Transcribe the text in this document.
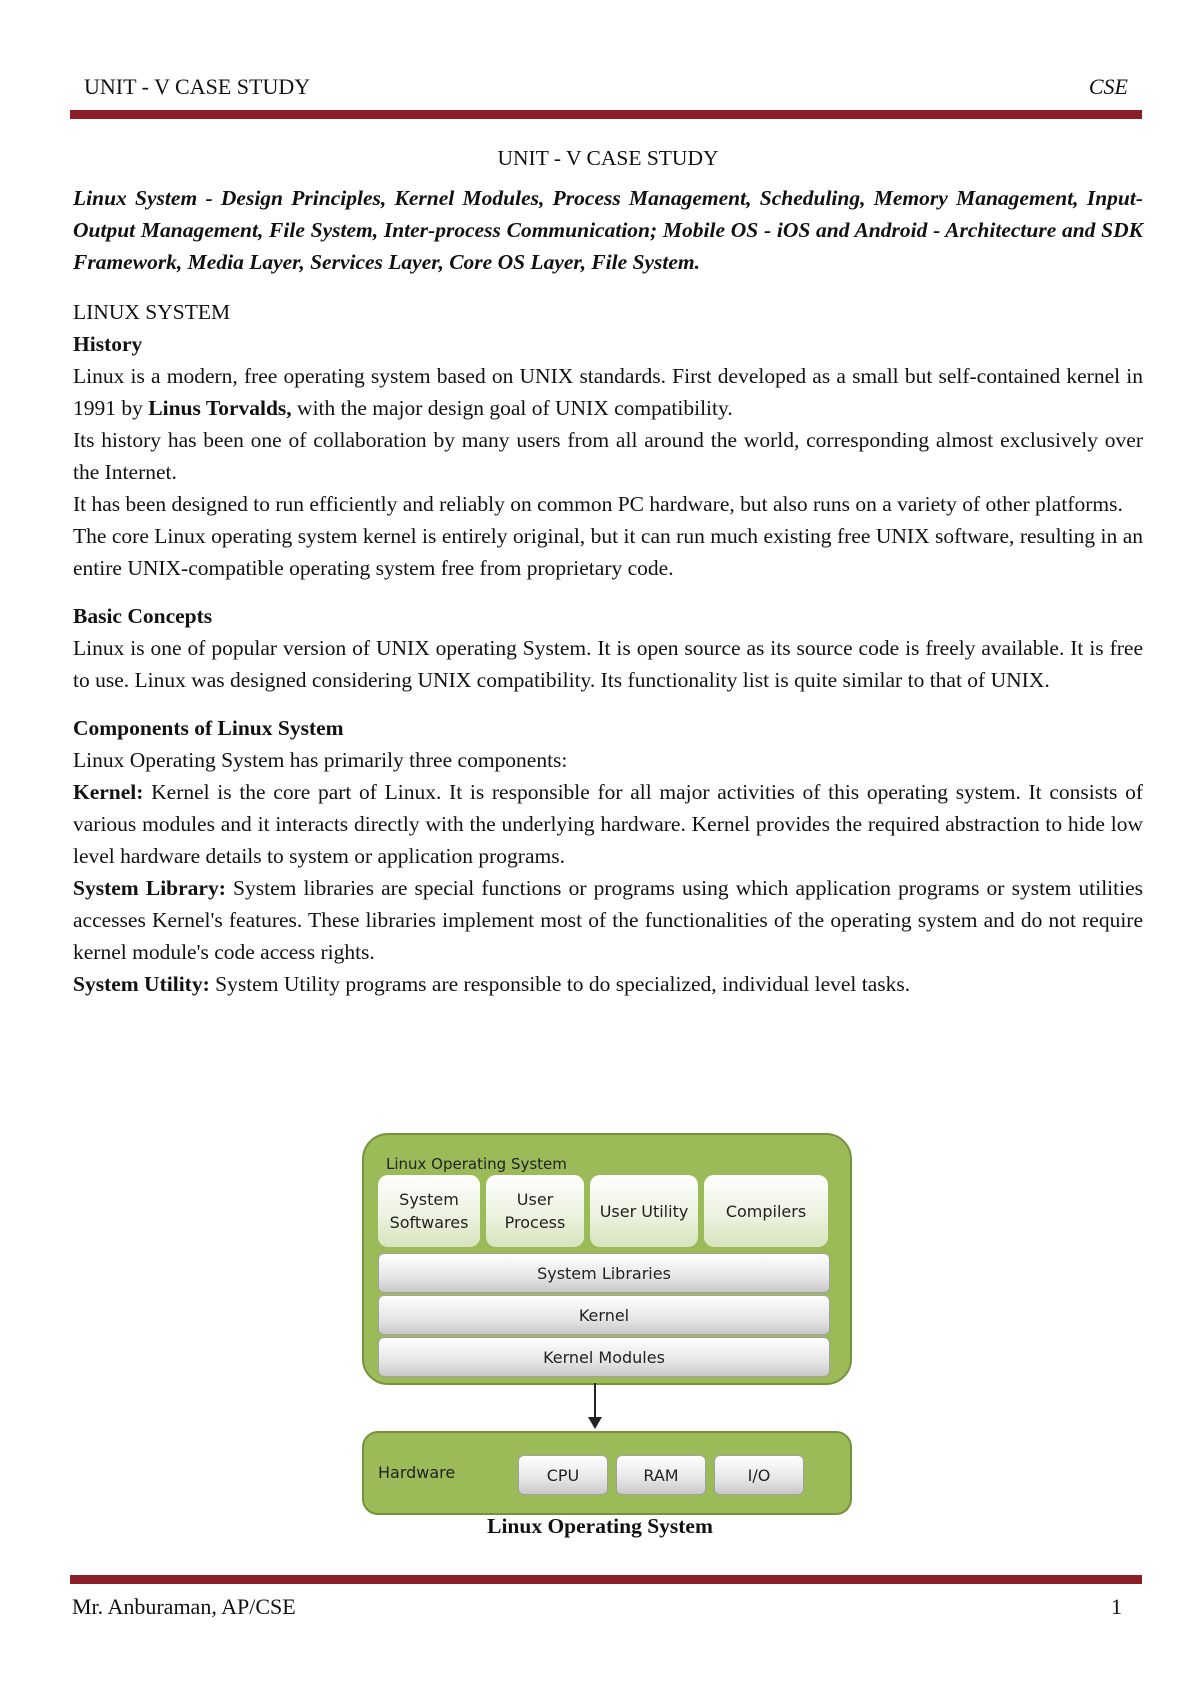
UNIT - V CASE STUDY	CSE
UNIT - V CASE STUDY
Linux System - Design Principles, Kernel Modules, Process Management, Scheduling, Memory Management, Input-Output Management, File System, Inter-process Communication; Mobile OS - iOS and Android - Architecture and SDK Framework, Media Layer, Services Layer, Core OS Layer, File System.
LINUX SYSTEM
History

Linux is a modern, free operating system based on UNIX standards. First developed as a small but self-contained kernel in 1991 by Linus Torvalds, with the major design goal of UNIX compatibility.

Its history has been one of collaboration by many users from all around the world, corresponding almost exclusively over the Internet.

It has been designed to run efficiently and reliably on common PC hardware, but also runs on a variety of other platforms.

The core Linux operating system kernel is entirely original, but it can run much existing free UNIX software, resulting in an entire UNIX-compatible operating system free from proprietary code.

Basic Concepts

Linux is one of popular version of UNIX operating System. It is open source as its source code is freely available. It is free to use. Linux was designed considering UNIX compatibility. Its functionality list is quite similar to that of UNIX.

Components of Linux System

Linux Operating System has primarily three components:

Kernel: Kernel is the core part of Linux. It is responsible for all major activities of this operating system. It consists of various modules and it interacts directly with the underlying hardware. Kernel provides the required abstraction to hide low level hardware details to system or application programs.

System Library: System libraries are special functions or programs using which application programs or system utilities accesses Kernel's features. These libraries implement most of the functionalities of the operating system and do not require kernel module's code access rights.

System Utility: System Utility programs are responsible to do specialized, individual level tasks.

Linux Operating System
System Softwares
User Process
User Utility	Compilers
System Libraries
Kernel
Kernel Modules
Hardware	CPU	RAM	I/O
Linux Operating System
Mr. Anburaman, AP/CSE	1
